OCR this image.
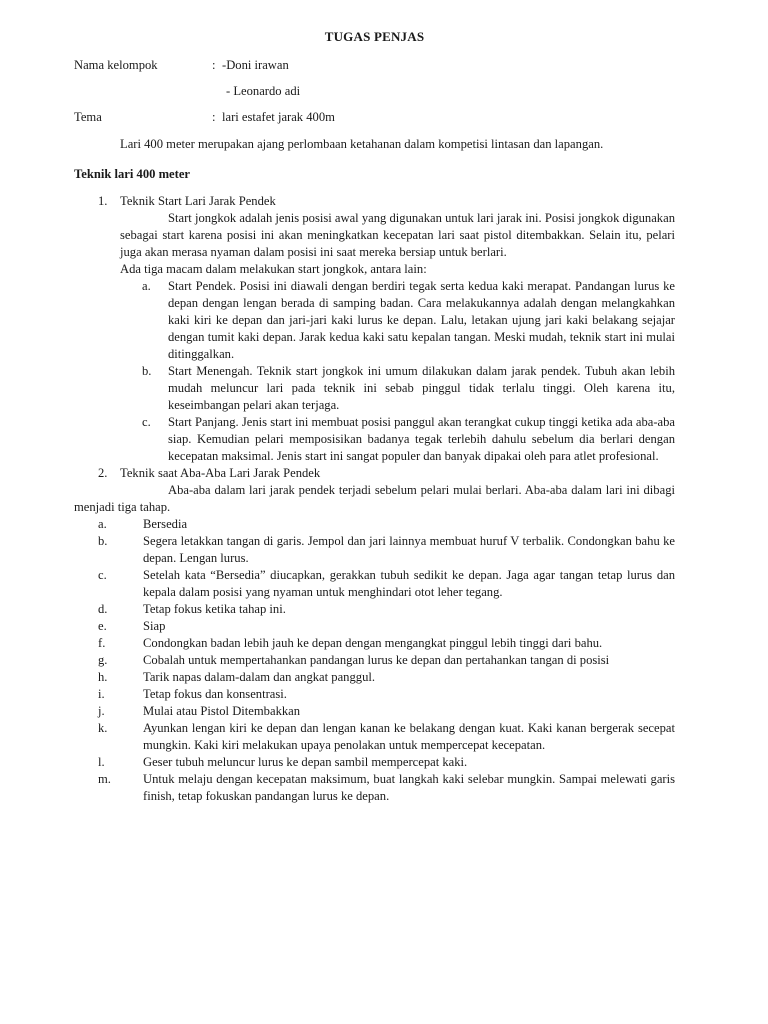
TUGAS PENJAS
Nama kelompok	: -Doni irawan
- Leonardo adi
Tema	: lari estafet jarak 400m

Lari 400 meter merupakan ajang perlombaan ketahanan dalam kompetisi lintasan dan lapangan.

Teknik lari 400 meter
1. Teknik Start Lari Jarak Pendek
Start jongkok adalah jenis posisi awal yang digunakan untuk lari jarak ini. Posisi jongkok digunakan sebagai start karena posisi ini akan meningkatkan kecepatan lari saat pistol ditembakkan. Selain itu, pelari juga akan merasa nyaman dalam posisi ini saat mereka bersiap untuk berlari.
Ada tiga macam dalam melakukan start jongkok, antara lain:
a.	Start Pendek. Posisi ini diawali dengan berdiri tegak serta kedua kaki merapat. Pandangan lurus ke depan dengan lengan berada di samping badan. Cara melakukannya adalah dengan melangkahkan kaki kiri ke depan dan jari-jari kaki lurus ke depan. Lalu, letakan ujung jari kaki belakang sejajar dengan tumit kaki depan. Jarak kedua kaki satu kepalan tangan. Meski mudah, teknik start ini mulai ditinggalkan.
b.	Start Menengah. Teknik start jongkok ini umum dilakukan dalam jarak pendek. Tubuh akan lebih mudah meluncur lari pada teknik ini sebab pinggul tidak terlalu tinggi. Oleh karena itu, keseimbangan pelari akan terjaga.
c.	Start Panjang. Jenis start ini membuat posisi panggul akan terangkat cukup tinggi ketika ada aba-aba siap. Kemudian pelari memposisikan badanya tegak terlebih dahulu sebelum dia berlari dengan kecepatan maksimal. Jenis start ini sangat populer dan banyak dipakai oleh para atlet profesional.
2. Teknik saat Aba-Aba Lari Jarak Pendek
Aba-aba dalam lari jarak pendek terjadi sebelum pelari mulai berlari. Aba-aba dalam lari ini dibagi menjadi tiga tahap.
a.	Bersedia
b.	Segera letakkan tangan di garis. Jempol dan jari lainnya membuat huruf V terbalik. Condongkan bahu ke depan. Lengan lurus.
c.	Setelah kata “Bersedia” diucapkan, gerakkan tubuh sedikit ke depan. Jaga agar tangan tetap lurus dan kepala dalam posisi yang nyaman untuk menghindari otot leher tegang.
d.	Tetap fokus ketika tahap ini.
e.	Siap
f.	Condongkan badan lebih jauh ke depan dengan mengangkat pinggul lebih tinggi dari bahu.
g.	Cobalah untuk mempertahankan pandangan lurus ke depan dan pertahankan tangan di posisi
h.	Tarik napas dalam-dalam dan angkat panggul.
i.	Tetap fokus dan konsentrasi.
j.	Mulai atau Pistol Ditembakkan
k.	Ayunkan lengan kiri ke depan dan lengan kanan ke belakang dengan kuat. Kaki kanan bergerak secepat mungkin. Kaki kiri melakukan upaya penolakan untuk mempercepat kecepatan.
l.	Geser tubuh meluncur lurus ke depan sambil mempercepat kaki.
m.	Untuk melaju dengan kecepatan maksimum, buat langkah kaki selebar mungkin. Sampai melewati garis finish, tetap fokuskan pandangan lurus ke depan.
